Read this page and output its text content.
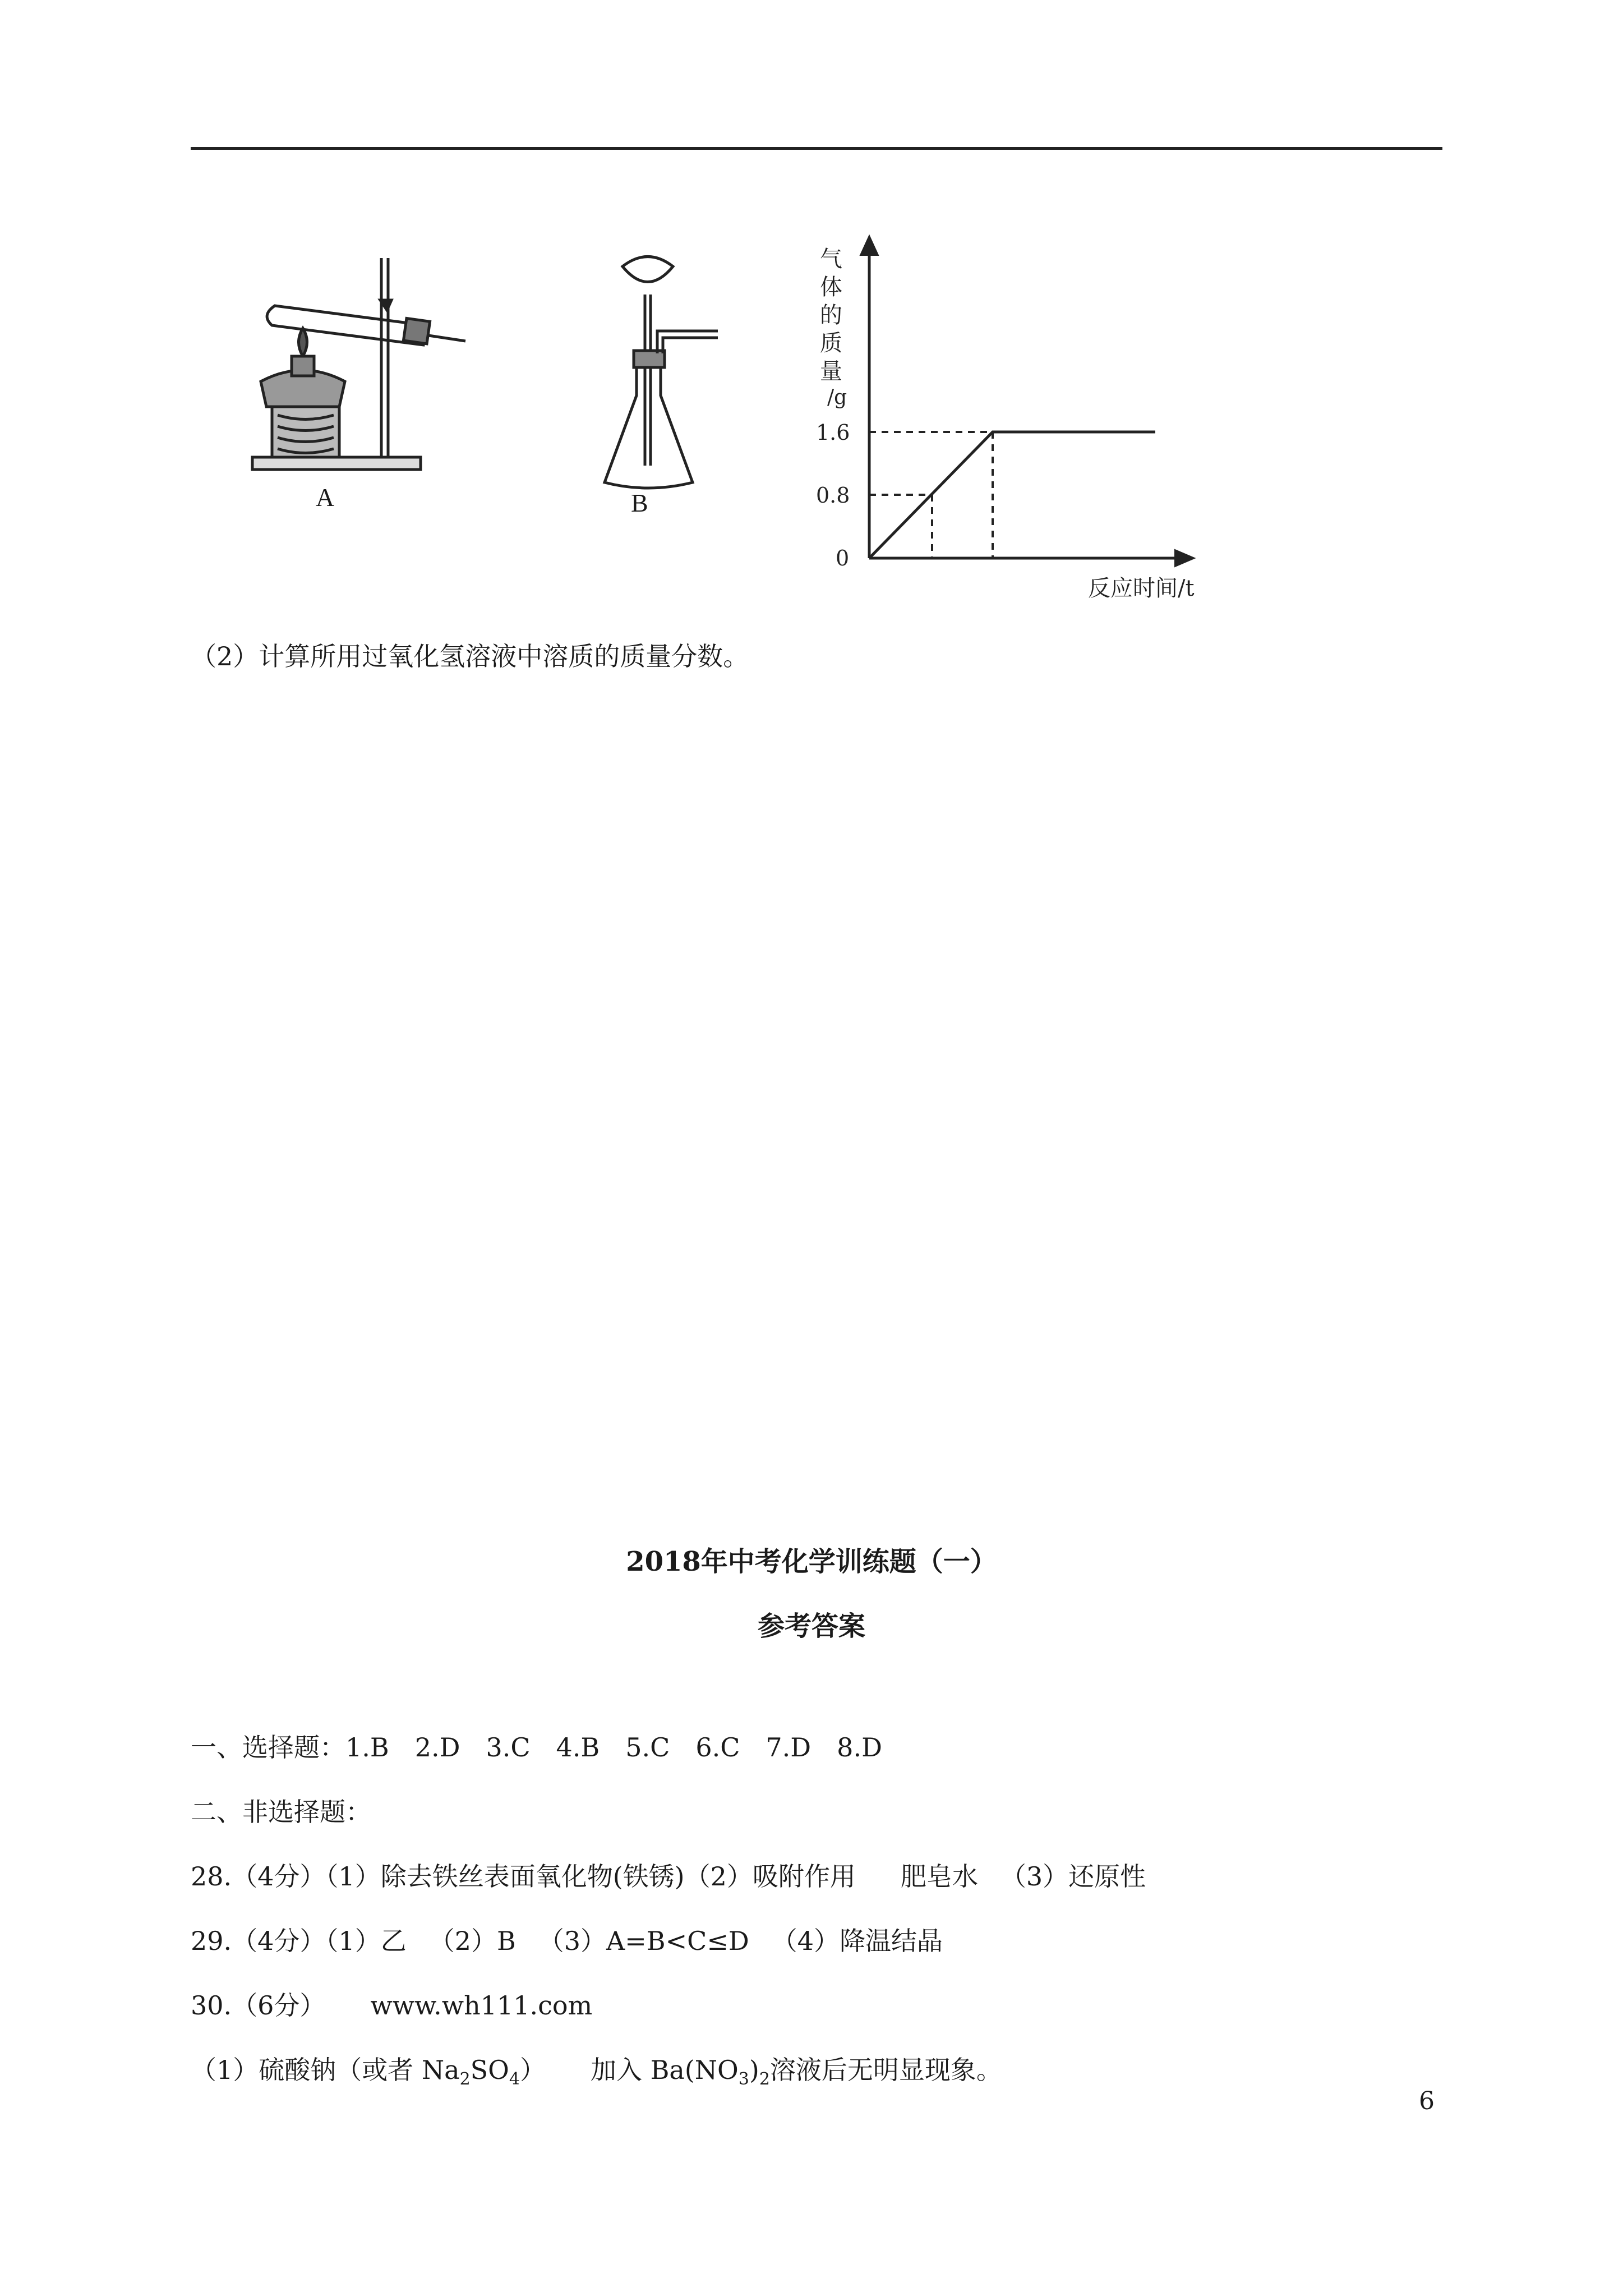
A	B
气
体
的
质
量
/g
1.6
0.8
0
反应时间/t
（2）计算所用过氧化氢溶液中溶质的质量分数。
2018年中考化学训练题（一）
参考答案
一、选择题：1.B　2.D　3.C　4.B　5.C　6.C　7.D　8.D
二、非选择题：
28.（4分）（1）除去铁丝表面氧化物(铁锈)（2）吸附作用 肥皂水 （3）还原性
29.（4分）（1）乙 （2）B （3）A=B<C≤D （4）降温结晶
30.（6分） www.wh111.com
（1）硫酸钠（或者 $Na_2SO_4$） 加入 $Ba(NO_3)_2$溶液后无明显现象。
6
